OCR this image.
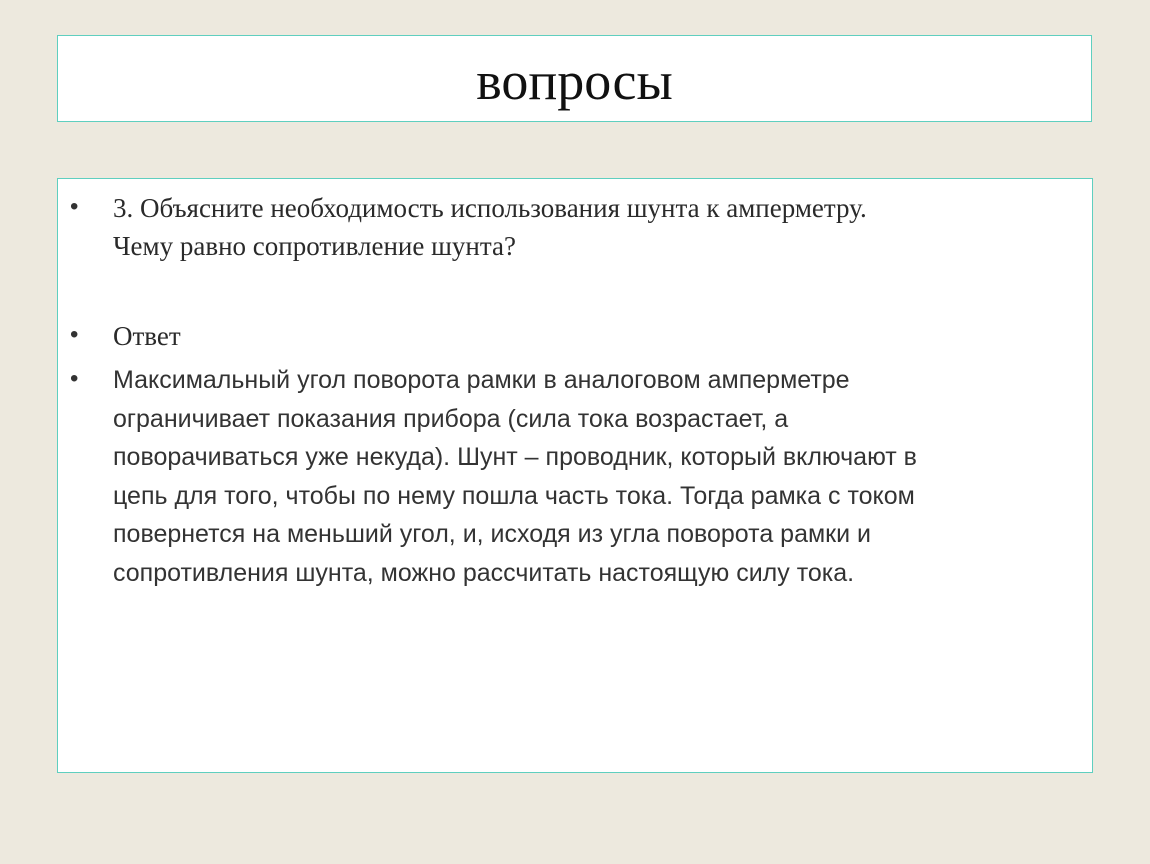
вопросы
• 3. Объясните необходимость использования шунта к амперметру.
Чему равно сопротивление шунта?
• Ответ
• Максимальный угол поворота рамки в аналоговом амперметре
ограничивает показания прибора (сила тока возрастает, а
поворачиваться уже некуда). Шунт – проводник, который включают в
цепь для того, чтобы по нему пошла часть тока. Тогда рамка с током
повернется на меньший угол, и, исходя из угла поворота рамки и
сопротивления шунта, можно рассчитать настоящую силу тока.
